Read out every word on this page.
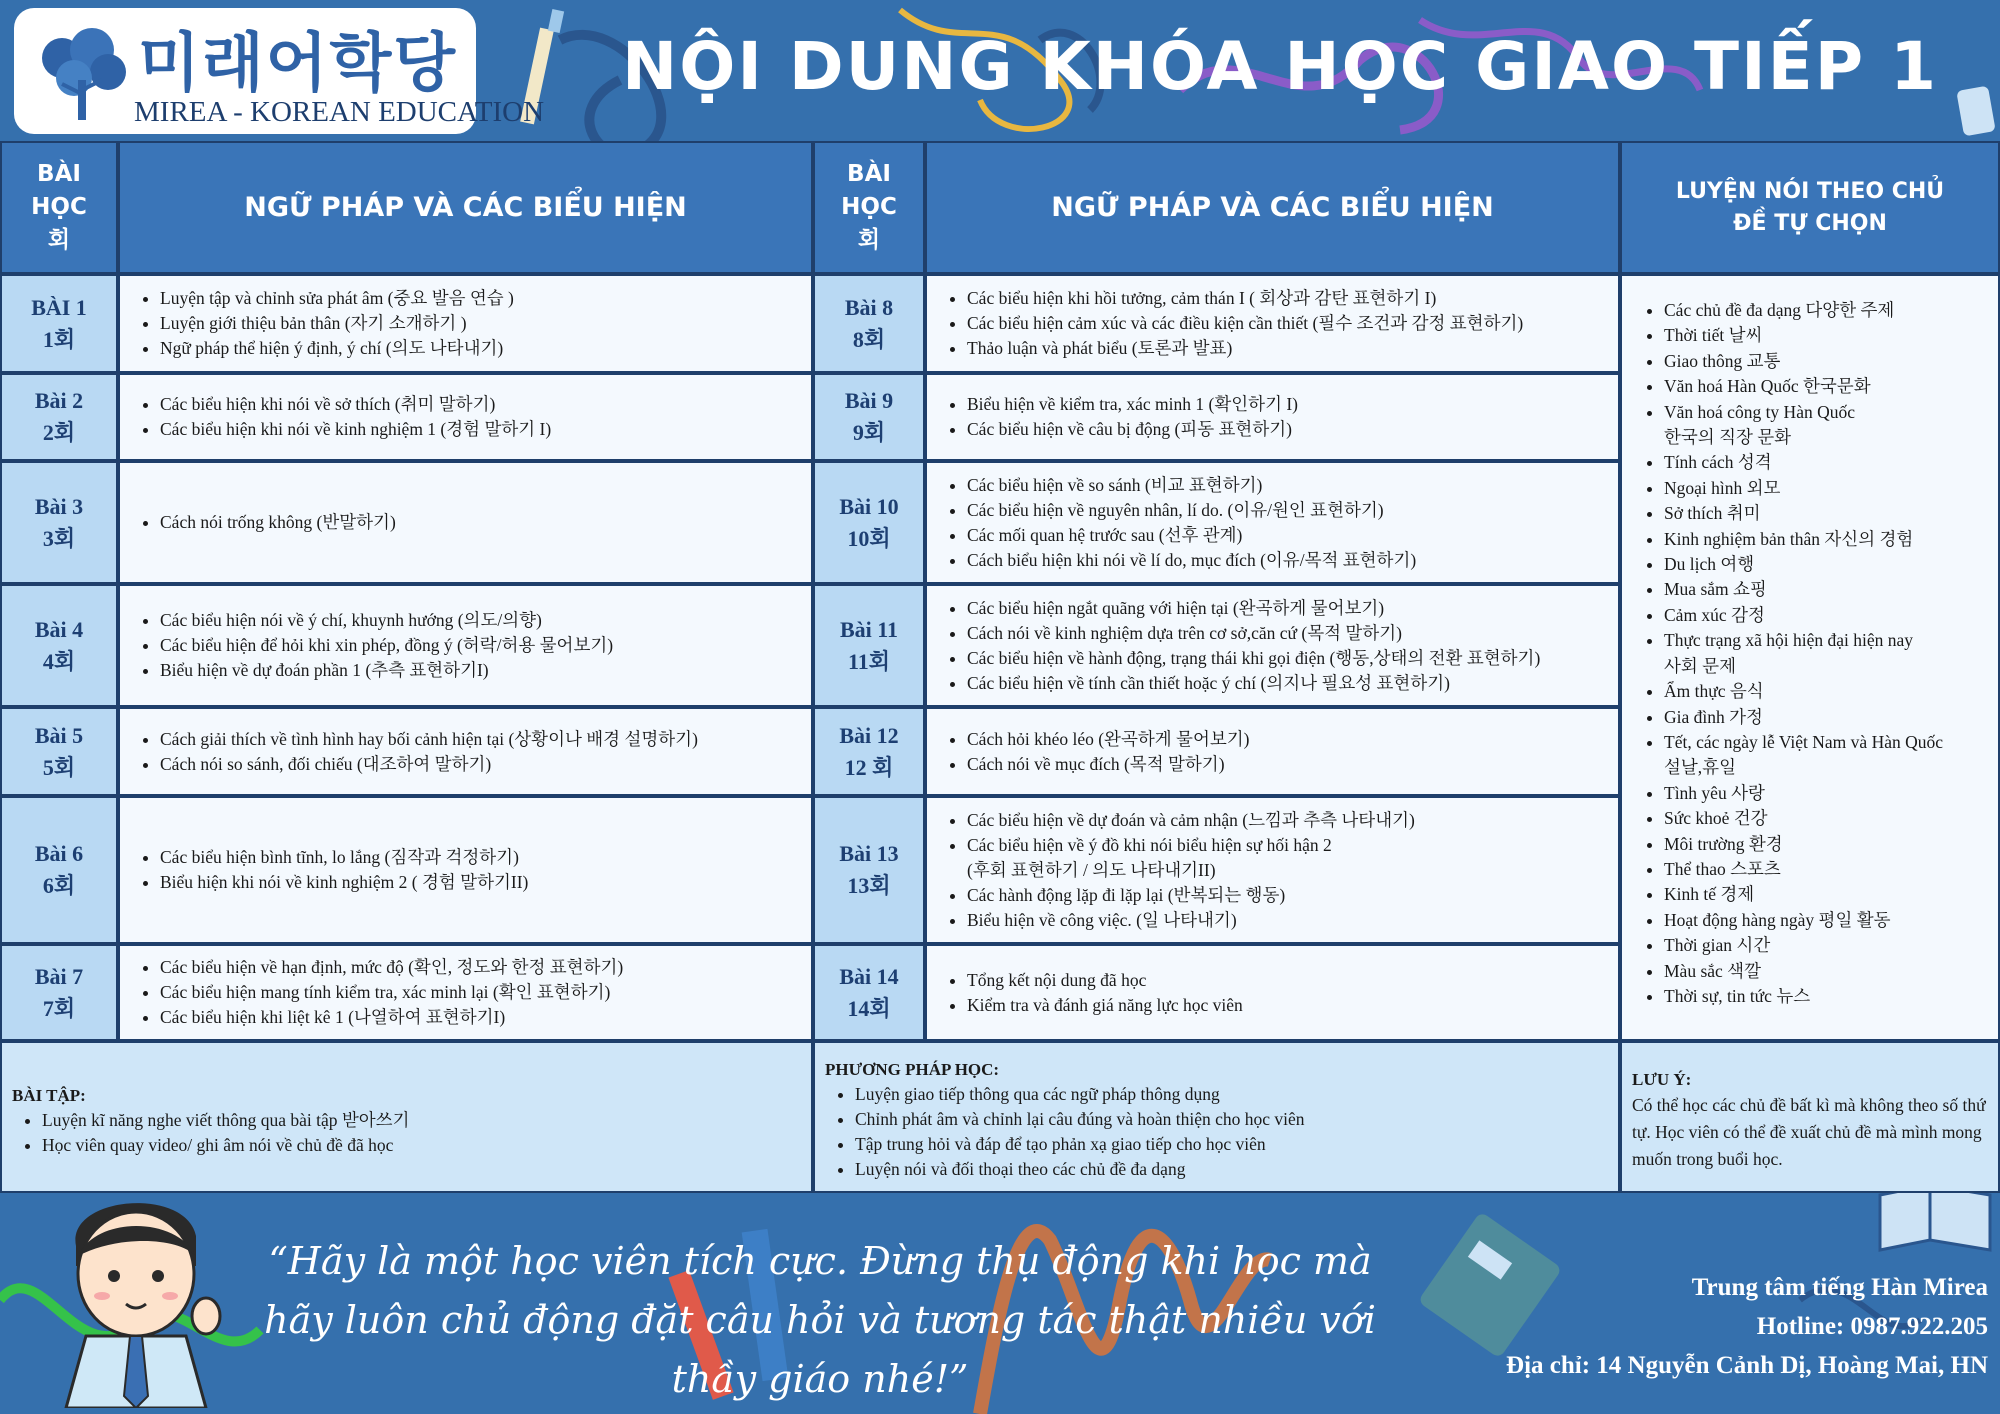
미래어학당
MIREA - KOREAN EDUCATION
NỘI DUNG KHÓA HỌC GIAO TIẾP 1
BÀI
HỌC
회
NGỮ PHÁP VÀ CÁC BIỂU HIỆN
BÀI
HỌC
회
NGỮ PHÁP VÀ CÁC BIỂU HIỆN
LUYỆN NÓI THEO CHỦ ĐỀ TỰ CHỌN
BÀI 1
1회
• Luyện tập và chỉnh sửa phát âm (중요 발음 연습 )
• Luyện giới thiệu bản thân (자기 소개하기 )
• Ngữ pháp thể hiện ý định, ý chí (의도 나타내기)
Bài 2
2회
• Các biểu hiện khi nói về sở thích (취미 말하기)
• Các biểu hiện khi nói về kinh nghiệm 1 (경험 말하기 I)
Bài 3
3회
• Cách nói trống không (반말하기)
Bài 4
4회
• Các biểu hiện nói về ý chí, khuynh hướng (의도/의향)
• Các biểu hiện để hỏi khi xin phép, đồng ý (허락/허용 물어보기)
• Biểu hiện về dự đoán phần 1 (추측 표현하기I)
Bài 5
5회
• Cách giải thích về tình hình hay bối cảnh hiện tại (상황이나 배경 설명하기)
• Cách nói so sánh, đối chiếu (대조하여 말하기)
Bài 6
6회
• Các biểu hiện bình tĩnh, lo lắng (짐작과 걱정하기)
• Biểu hiện khi nói về kinh nghiệm 2 ( 경험 말하기II)
Bài 7
7회
• Các biểu hiện về hạn định, mức độ (확인, 정도와 한정 표현하기)
• Các biểu hiện mang tính kiểm tra, xác minh lại (확인 표현하기)
• Các biểu hiện khi liệt kê 1 (나열하여 표현하기I)
Bài 8
8회
• Các biểu hiện khi hồi tưởng, cảm thán I ( 회상과 감탄 표현하기 I)
• Các biểu hiện cảm xúc và các điều kiện cần thiết (필수 조건과 감정 표현하기)
• Thảo luận và phát biểu (토론과 발표)
Bài 9
9회
• Biểu hiện về kiểm tra, xác minh 1 (확인하기 I)
• Các biểu hiện về câu bị động (피동 표현하기)
Bài 10
10회
• Các biểu hiện về so sánh (비교 표현하기)
• Các biểu hiện về nguyên nhân, lí do. (이유/원인 표현하기)
• Các mối quan hệ trước sau (선후 관계)
• Cách biểu hiện khi nói về lí do, mục đích (이유/목적 표현하기)
Bài 11
11회
• Các biểu hiện ngắt quãng với hiện tại (완곡하게 물어보기)
• Cách nói về kinh nghiệm dựa trên cơ sở,căn cứ (목적 말하기)
• Các biểu hiện về hành động, trạng thái khi gọi điện (행동,상태의 전환 표현하기)
• Các biểu hiện về tính cần thiết hoặc ý chí (의지나 필요성 표현하기)
Bài 12
12 회
• Cách hỏi khéo léo (완곡하게 물어보기)
• Cách nói về mục đích (목적 말하기)
Bài 13
13회
• Các biểu hiện về dự đoán và cảm nhận (느낌과 추측 나타내기)
• Các biểu hiện về ý đồ khi nói biểu hiện sự hối hận 2
(후회 표현하기 / 의도 나타내기II)
• Các hành động lặp đi lặp lại (반복되는 행동)
• Biểu hiện về công việc. (일 나타내기)
Bài 14
14회
• Tổng kết nội dung đã học
• Kiểm tra và đánh giá năng lực học viên
• Các chủ đề đa dạng 다양한 주제
• Thời tiết 날씨
• Giao thông 교통
• Văn hoá Hàn Quốc 한국문화
• Văn hoá công ty Hàn Quốc
한국의 직장 문화
• Tính cách 성격
• Ngoại hình 외모
• Sở thích 취미
• Kinh nghiệm bản thân 자신의 경험
• Du lịch 여행
• Mua sắm 쇼핑
• Cảm xúc 감정
• Thực trạng xã hội hiện đại hiện nay
사회 문제
• Ẩm thực 음식
• Gia đình 가정
• Tết, các ngày lễ Việt Nam và Hàn Quốc
설날,휴일
• Tình yêu 사랑
• Sức khoẻ 건강
• Môi trường 환경
• Thể thao 스포츠
• Kinh tế 경제
• Hoạt động hàng ngày 평일 활동
• Thời gian 시간
• Màu sắc 색깔
• Thời sự, tin tức 뉴스
BÀI TẬP:
• Luyện kĩ năng nghe viết thông qua bài tập 받아쓰기
• Học viên quay video/ ghi âm nói về chủ đề đã học
PHƯƠNG PHÁP HỌC:
• Luyện giao tiếp thông qua các ngữ pháp thông dụng
• Chỉnh phát âm và chỉnh lại câu đúng và hoàn thiện cho học viên
• Tập trung hỏi và đáp để tạo phản xạ giao tiếp cho học viên
• Luyện nói và đối thoại theo các chủ đề đa dạng
LƯU Ý:
Có thể học các chủ đề bất kì mà không theo số thứ tự. Học viên có thể đề xuất chủ đề mà mình mong muốn trong buổi học.
“Hãy là một học viên tích cực. Đừng thụ động khi học mà hãy luôn chủ động đặt câu hỏi và tương tác thật nhiều với thầy giáo nhé!”
Trung tâm tiếng Hàn Mirea
Hotline: 0987.922.205
Địa chỉ: 14 Nguyễn Cảnh Dị, Hoàng Mai, HN
